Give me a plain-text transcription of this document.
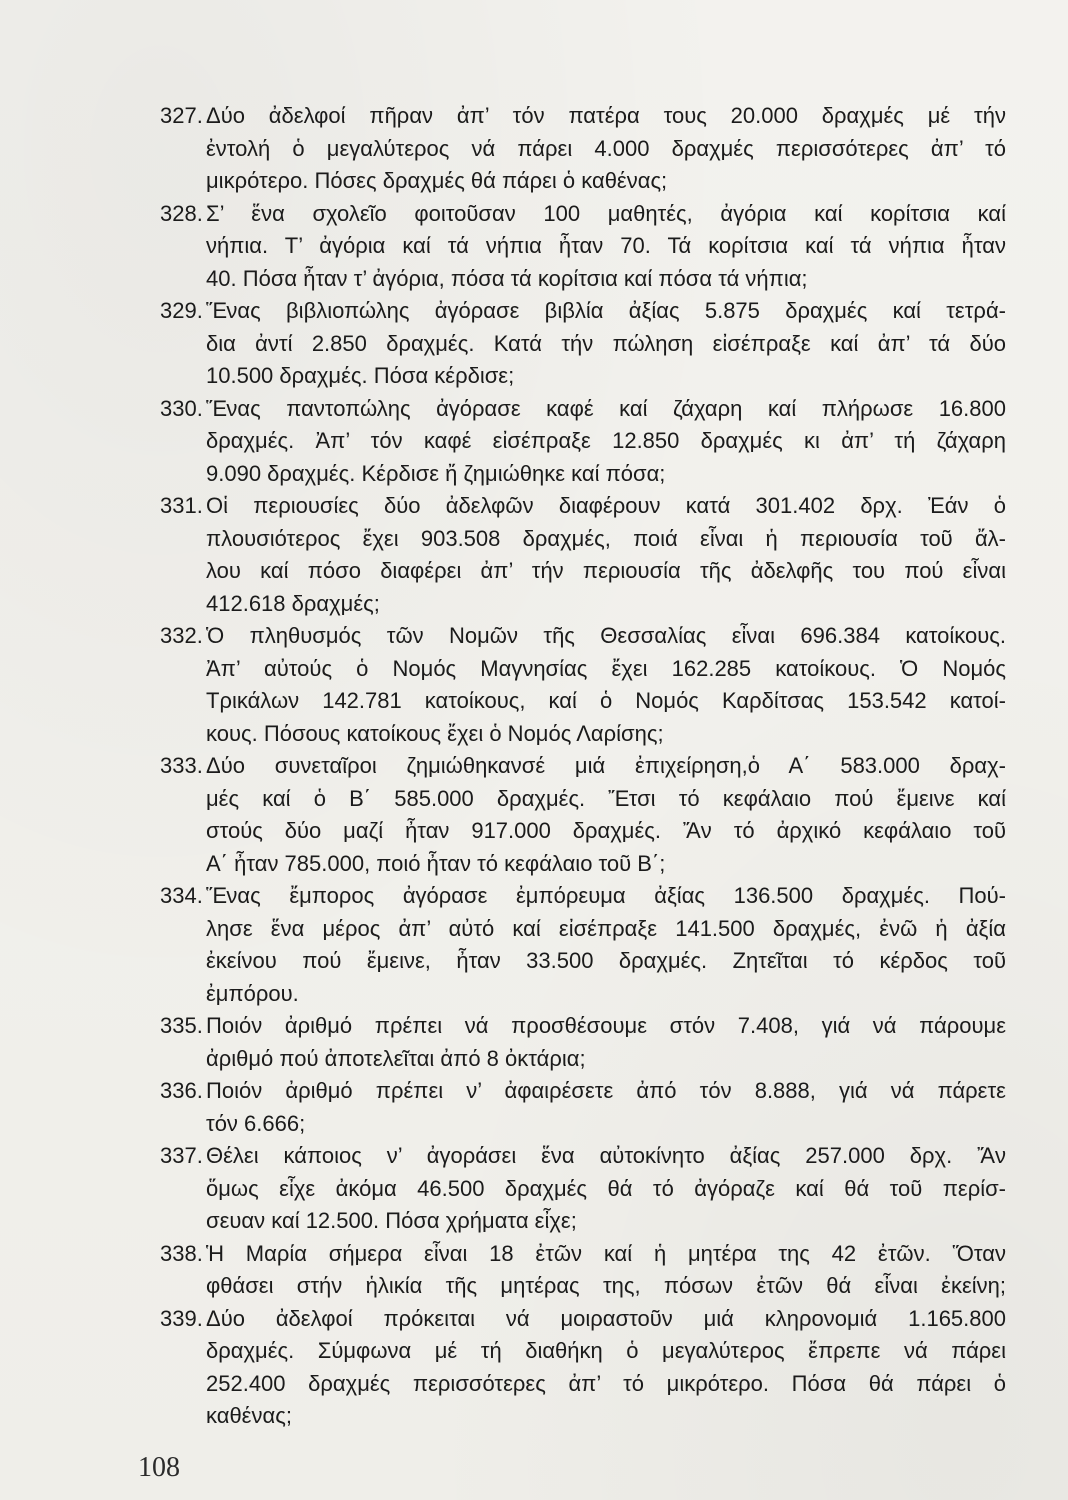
327. Δύο ἀδελφοί πῆραν ἀπ’ τόν πατέρα τους 20.000 δραχμές μέ τήν
ἐντολή ὁ μεγαλύτερος νά πάρει 4.000 δραχμές περισσότερες ἀπ’ τό
μικρότερο. Πόσες δραχμές θά πάρει ὁ καθένας;
328. Σ’ ἕνα σχολεῖο φοιτοῦσαν 100 μαθητές, ἀγόρια καί κορίτσια καί
νήπια. Τ’ ἀγόρια καί τά νήπια ἦταν 70. Τά κορίτσια καί τά νήπια ἦταν
40. Πόσα ἦταν τ’ ἀγόρια, πόσα τά κορίτσια καί πόσα τά νήπια;
329. Ἕνας βιβλιοπώλης ἀγόρασε βιβλία ἀξίας 5.875 δραχμές καί τετρά-
δια ἀντί 2.850 δραχμές. Κατά τήν πώληση εἰσέπραξε καί ἀπ’ τά δύο
10.500 δραχμές. Πόσα κέρδισε;
330. Ἕνας παντοπώλης ἀγόρασε καφέ καί ζάχαρη καί πλήρωσε 16.800
δραχμές. Ἀπ’ τόν καφέ εἰσέπραξε 12.850 δραχμές κι ἀπ’ τή ζάχαρη
9.090 δραχμές. Κέρδισε ἤ ζημιώθηκε καί πόσα;
331. Οἱ περιουσίες δύο ἀδελφῶν διαφέρουν κατά 301.402 δρχ. Ἐάν ὁ
πλουσιότερος ἔχει 903.508 δραχμές, ποιά εἶναι ἡ περιουσία τοῦ ἄλ-
λου καί πόσο διαφέρει ἀπ’ τήν περιουσία τῆς ἀδελφῆς του πού εἶναι
412.618 δραχμές;
332. Ὁ πληθυσμός τῶν Νομῶν τῆς Θεσσαλίας εἶναι 696.384 κατοίκους.
Ἀπ’ αὐτούς ὁ Νομός Μαγνησίας ἔχει 162.285 κατοίκους. Ὁ Νομός
Τρικάλων 142.781 κατοίκους, καί ὁ Νομός Καρδίτσας 153.542 κατοί-
κους. Πόσους κατοίκους ἔχει ὁ Νομός Λαρίσης;
333. Δύο συνεταῖροι ζημιώθηκανσέ μιά ἐπιχείρηση,ὁ Α΄ 583.000 δραχ-
μές καί ὁ Β΄ 585.000 δραχμές. Ἔτσι τό κεφάλαιο πού ἔμεινε καί
στούς δύο μαζί ἦταν 917.000 δραχμές. Ἄν τό ἀρχικό κεφάλαιο τοῦ
Α΄ ἦταν 785.000, ποιό ἦταν τό κεφάλαιο τοῦ Β΄;
334. Ἕνας ἔμπορος ἀγόρασε ἐμπόρευμα ἀξίας 136.500 δραχμές. Πού-
λησε ἕνα μέρος ἀπ’ αὐτό καί εἰσέπραξε 141.500 δραχμές, ἐνῶ ἡ ἀξία
ἐκείνου πού ἔμεινε, ἦταν 33.500 δραχμές. Ζητεῖται τό κέρδος τοῦ
ἐμπόρου.
335. Ποιόν ἀριθμό πρέπει νά προσθέσουμε στόν 7.408, γιά νά πάρουμε
ἀριθμό πού ἀποτελεῖται ἀπό 8 ὀκτάρια;
336. Ποιόν ἀριθμό πρέπει ν’ ἀφαιρέσετε ἀπό τόν 8.888, γιά νά πάρετε
τόν 6.666;
337. Θέλει κάποιος ν’ ἀγοράσει ἕνα αὐτοκίνητο ἀξίας 257.000 δρχ. Ἄν
ὅμως εἶχε ἀκόμα 46.500 δραχμές θά τό ἀγόραζε καί θά τοῦ περίσ-
σευαν καί 12.500. Πόσα χρήματα εἶχε;
338. Ἡ Μαρία σήμερα εἶναι 18 ἐτῶν καί ἡ μητέρα της 42 ἐτῶν. Ὅταν
φθάσει στήν ἡλικία τῆς μητέρας της, πόσων ἐτῶν θά εἶναι ἐκείνη;
339. Δύο ἀδελφοί πρόκειται νά μοιραστοῦν μιά κληρονομιά 1.165.800
δραχμές. Σύμφωνα μέ τή διαθήκη ὁ μεγαλύτερος ἔπρεπε νά πάρει
252.400 δραχμές περισσότερες ἀπ’ τό μικρότερο. Πόσα θά πάρει ὁ
καθένας;
108
